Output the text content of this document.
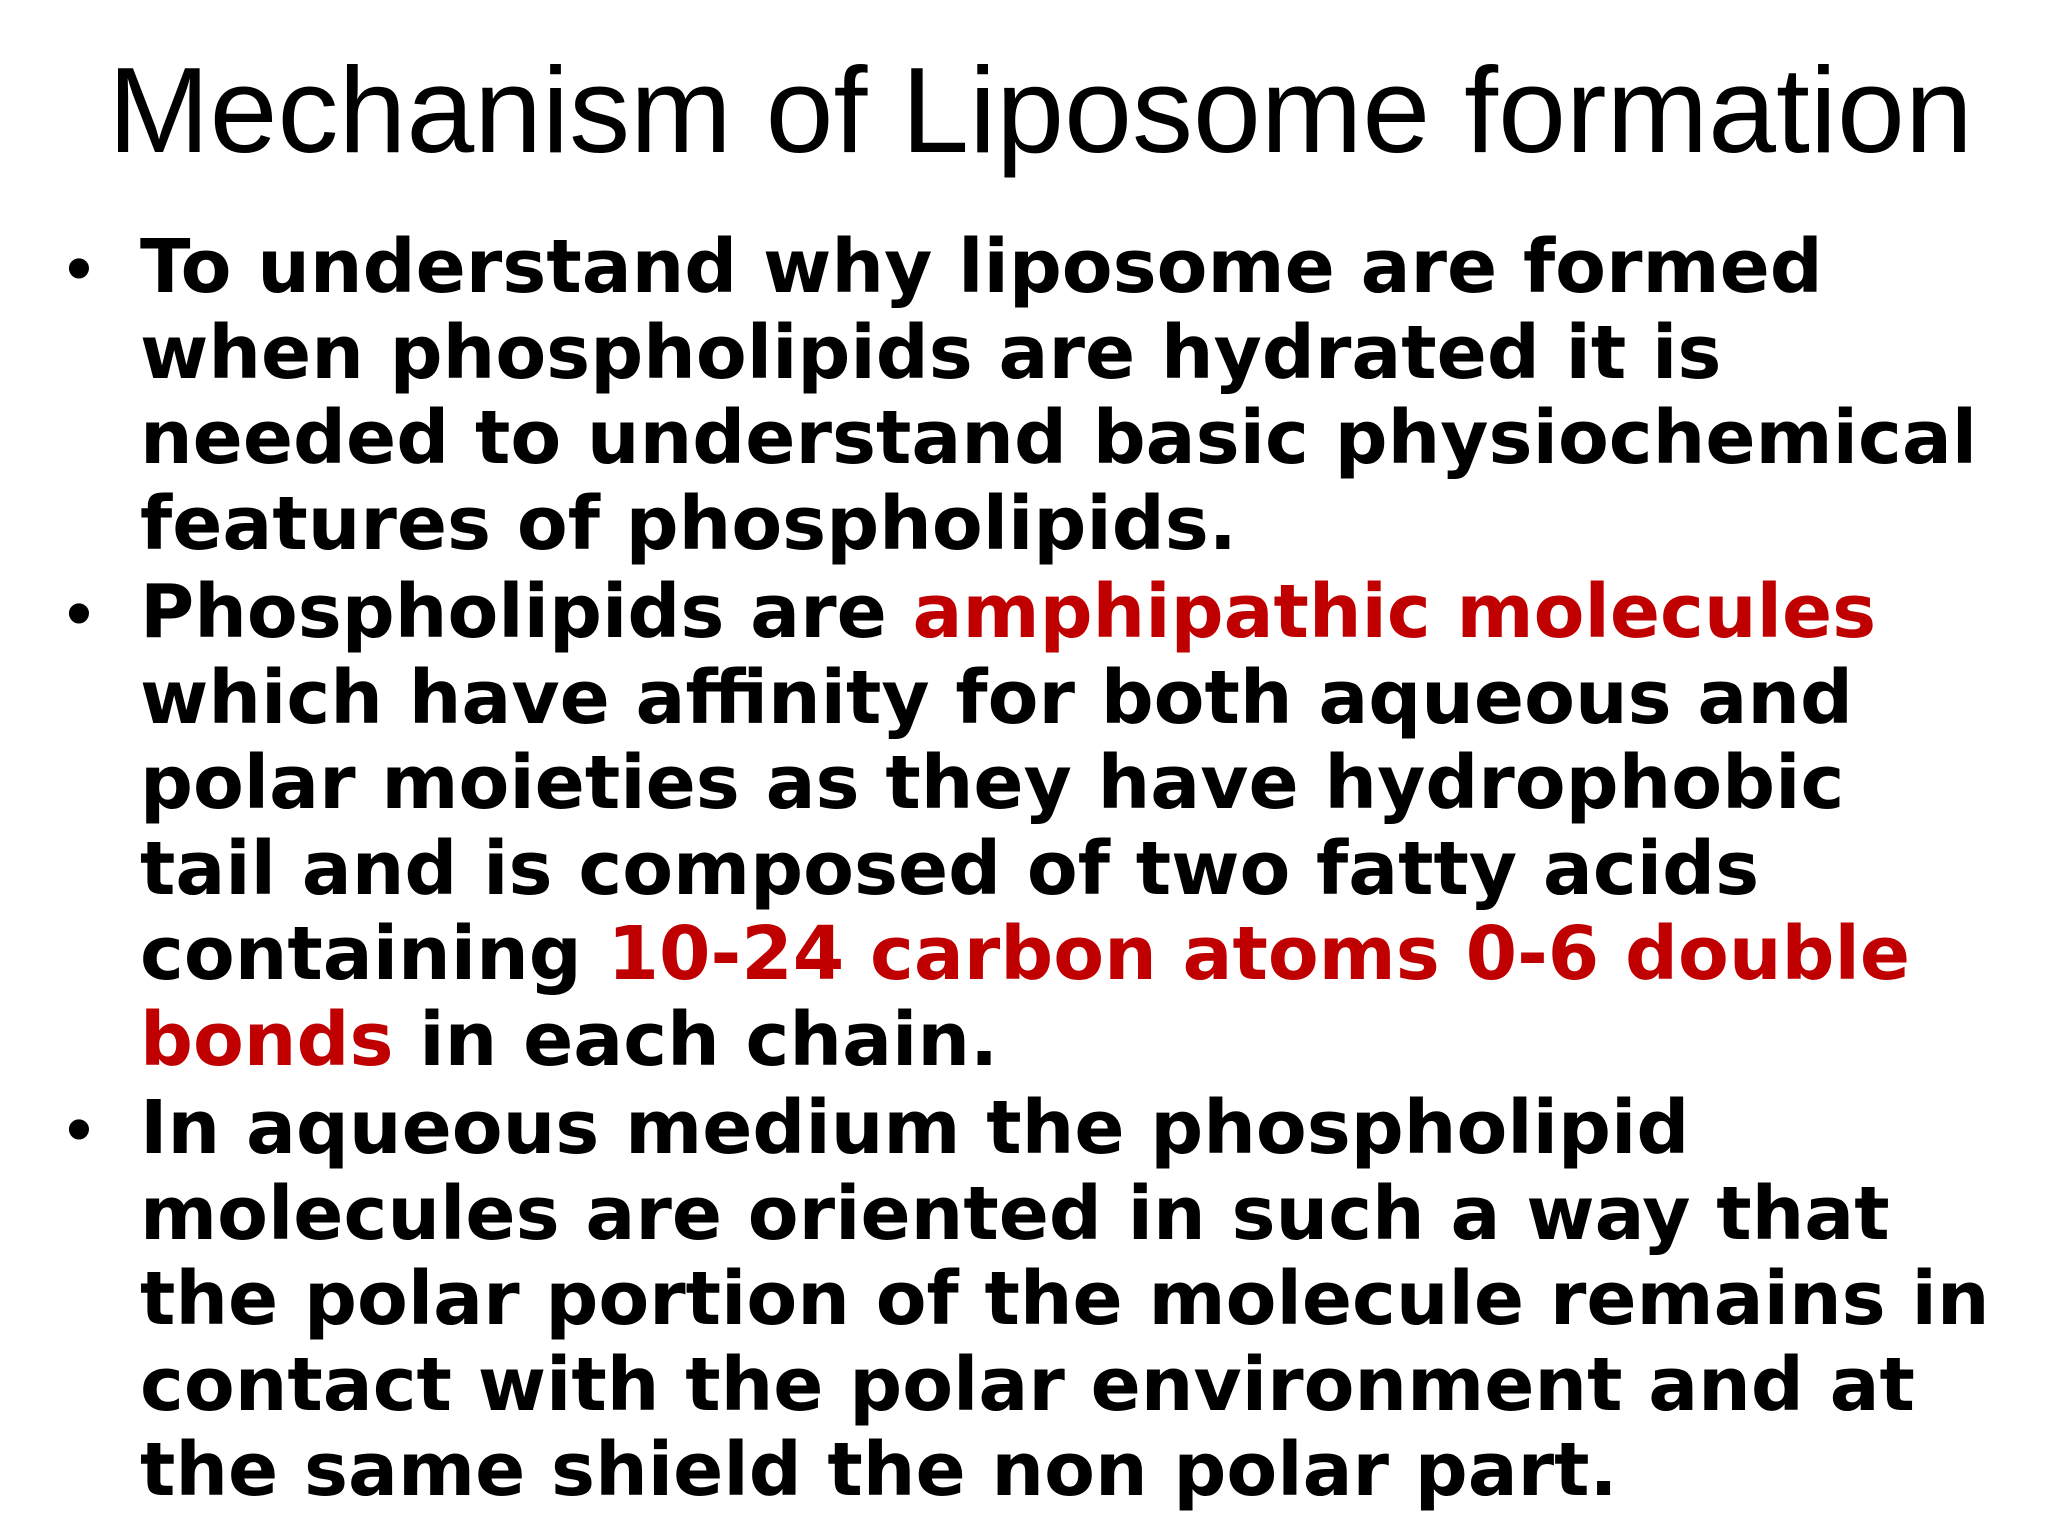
Mechanism of Liposome formation
• To understand why liposome are formed when phospholipids are hydrated it is needed to understand basic physiochemical features of phospholipids.
• Phospholipids are amphipathic molecules which have affinity for both aqueous and polar moieties as they have hydrophobic tail and is composed of two fatty acids containing 10-24 carbon atoms 0-6 double bonds in each chain.
• In aqueous medium the phospholipid molecules are oriented in such a way that the polar portion of the molecule remains in contact with the polar environment and at the same shield the non polar part.
